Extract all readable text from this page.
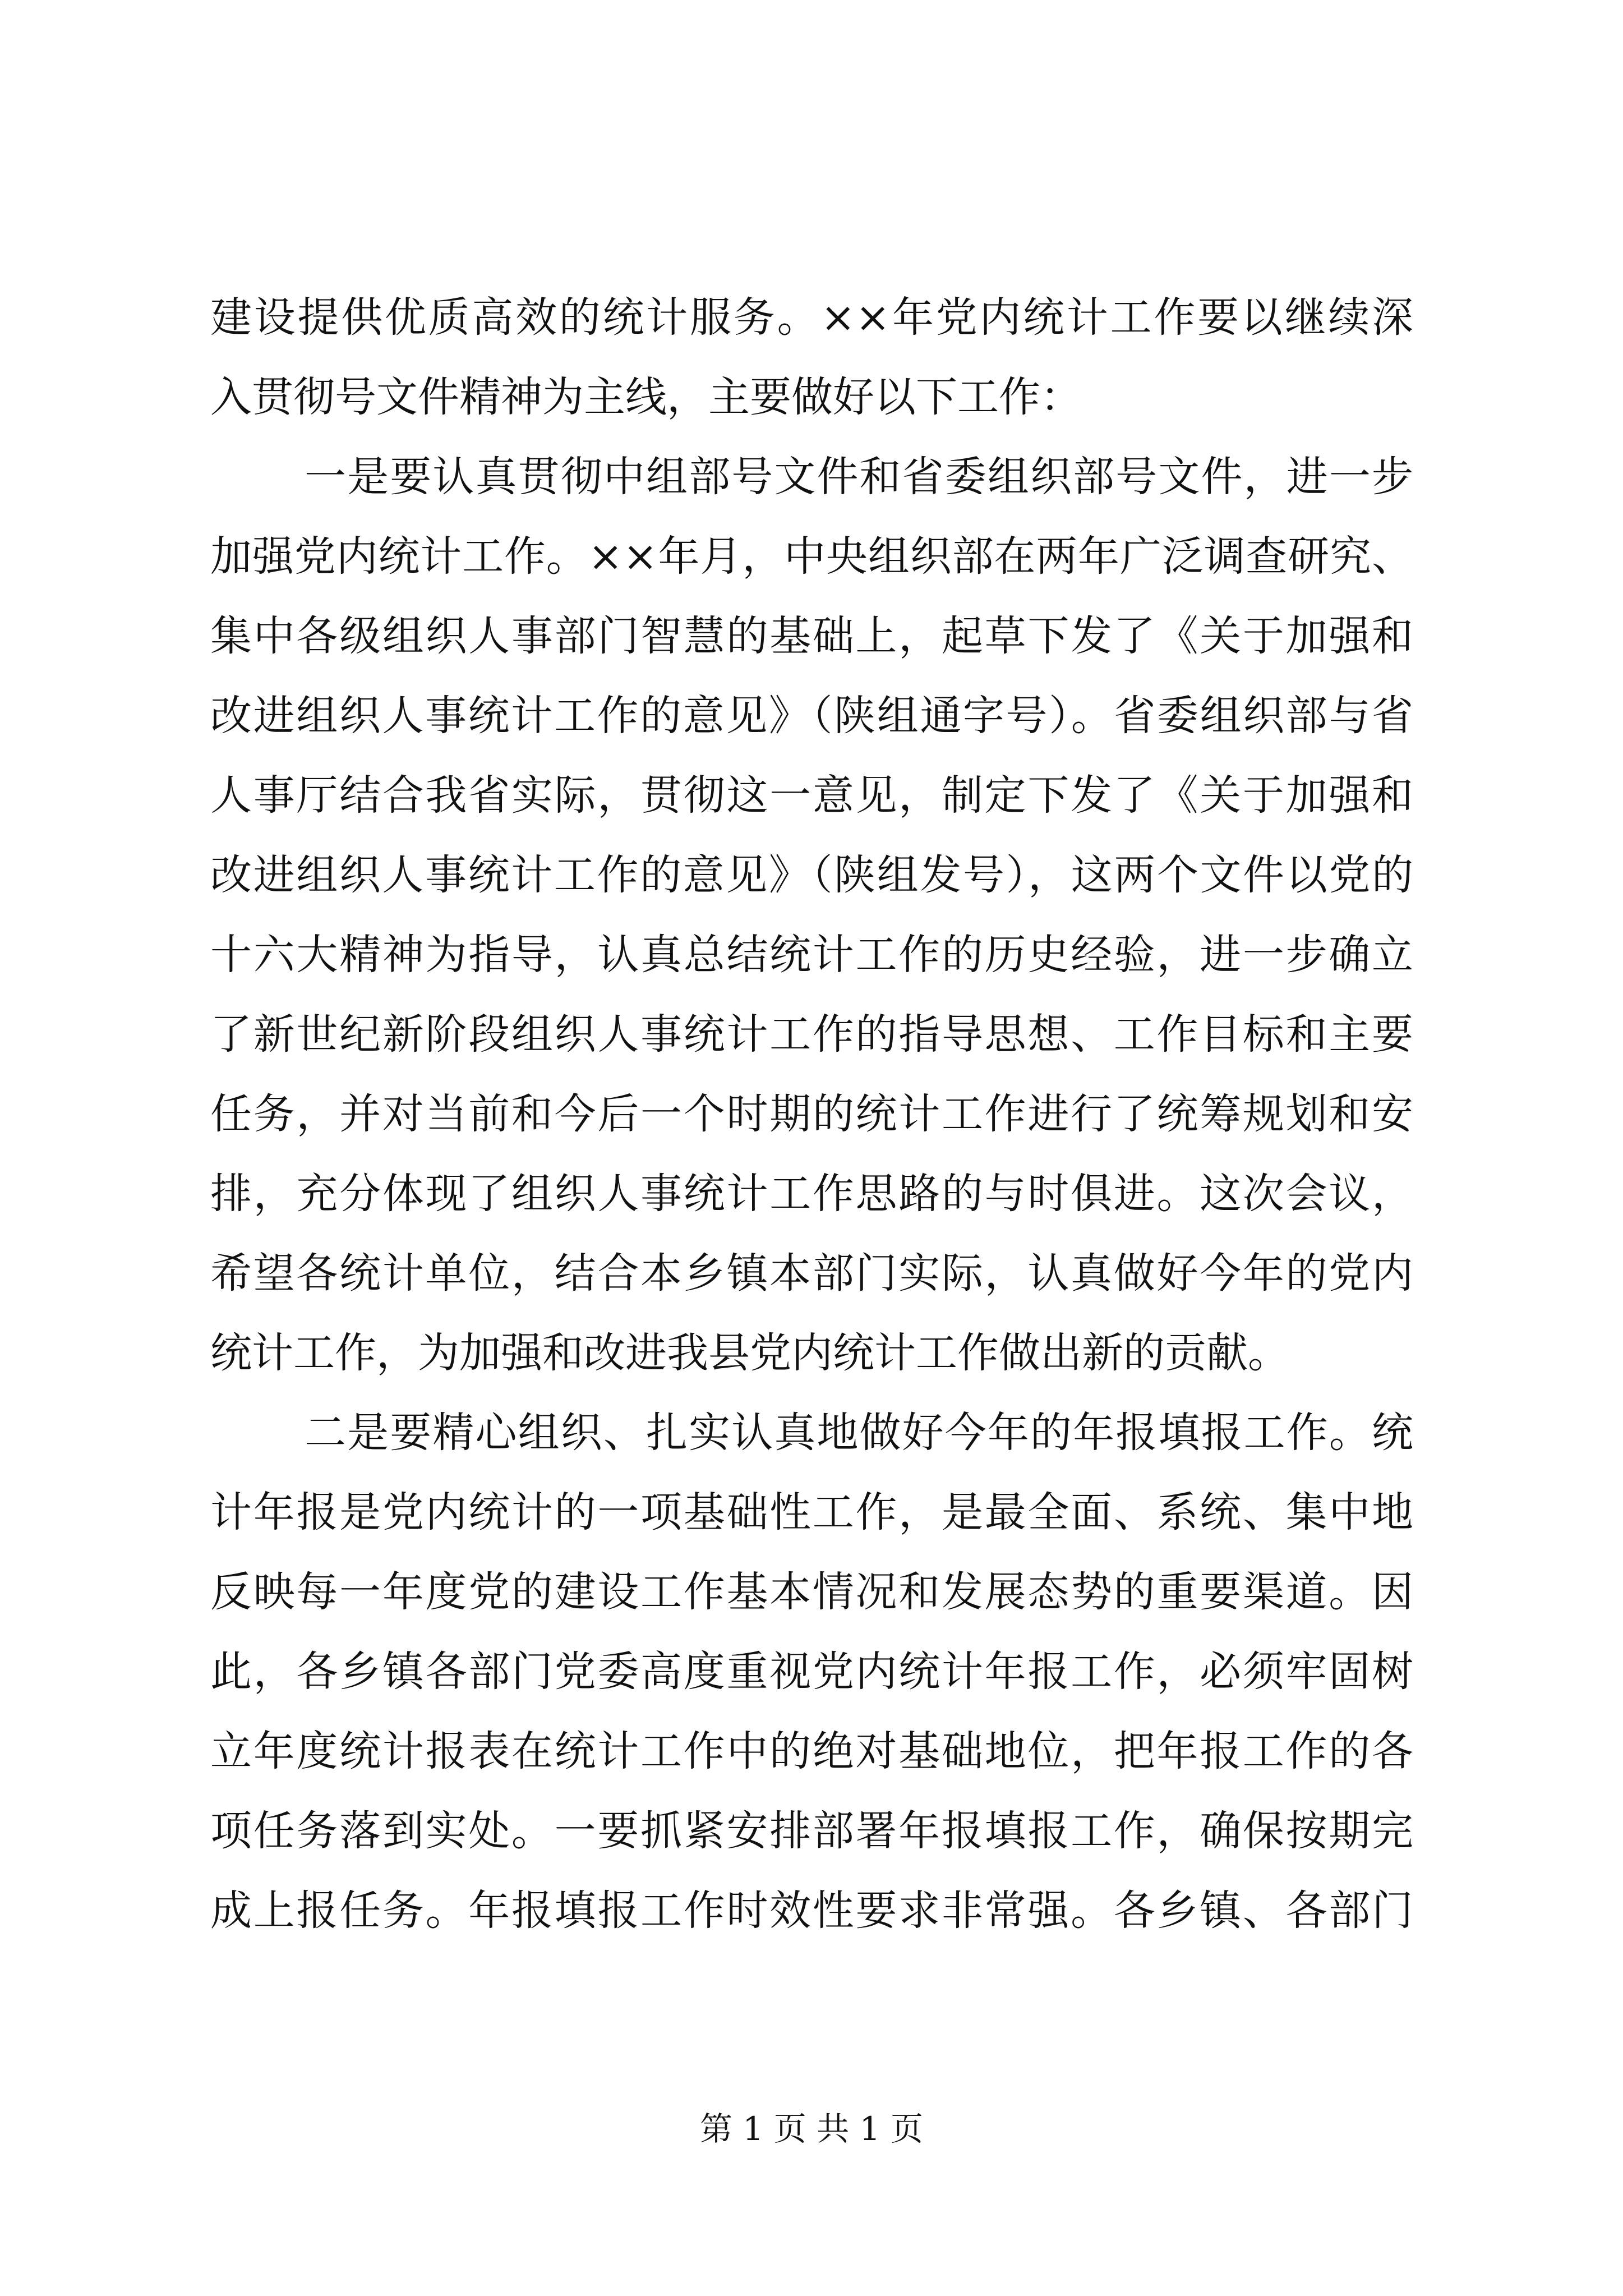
建设提供优质高效的统计服务。××年党内统计工作要以继续深
入贯彻号文件精神为主线，主要做好以下工作：
一是要认真贯彻中组部号文件和省委组织部号文件，进一步
加强党内统计工作。××年月，中央组织部在两年广泛调查研究、
集中各级组织人事部门智慧的基础上，起草下发了《关于加强和
改进组织人事统计工作的意见》（陕组通字号）。省委组织部与省
人事厅结合我省实际，贯彻这一意见，制定下发了《关于加强和
改进组织人事统计工作的意见》（陕组发号），这两个文件以党的
十六大精神为指导，认真总结统计工作的历史经验，进一步确立
了新世纪新阶段组织人事统计工作的指导思想、工作目标和主要
任务，并对当前和今后一个时期的统计工作进行了统筹规划和安
排，充分体现了组织人事统计工作思路的与时俱进。这次会议，
希望各统计单位，结合本乡镇本部门实际，认真做好今年的党内
统计工作，为加强和改进我县党内统计工作做出新的贡献。
二是要精心组织、扎实认真地做好今年的年报填报工作。统
计年报是党内统计的一项基础性工作，是最全面、系统、集中地
反映每一年度党的建设工作基本情况和发展态势的重要渠道。因
此，各乡镇各部门党委高度重视党内统计年报工作，必须牢固树
立年度统计报表在统计工作中的绝对基础地位，把年报工作的各
项任务落到实处。一要抓紧安排部署年报填报工作，确保按期完
成上报任务。年报填报工作时效性要求非常强。各乡镇、各部门
第 1 页 共 1 页
